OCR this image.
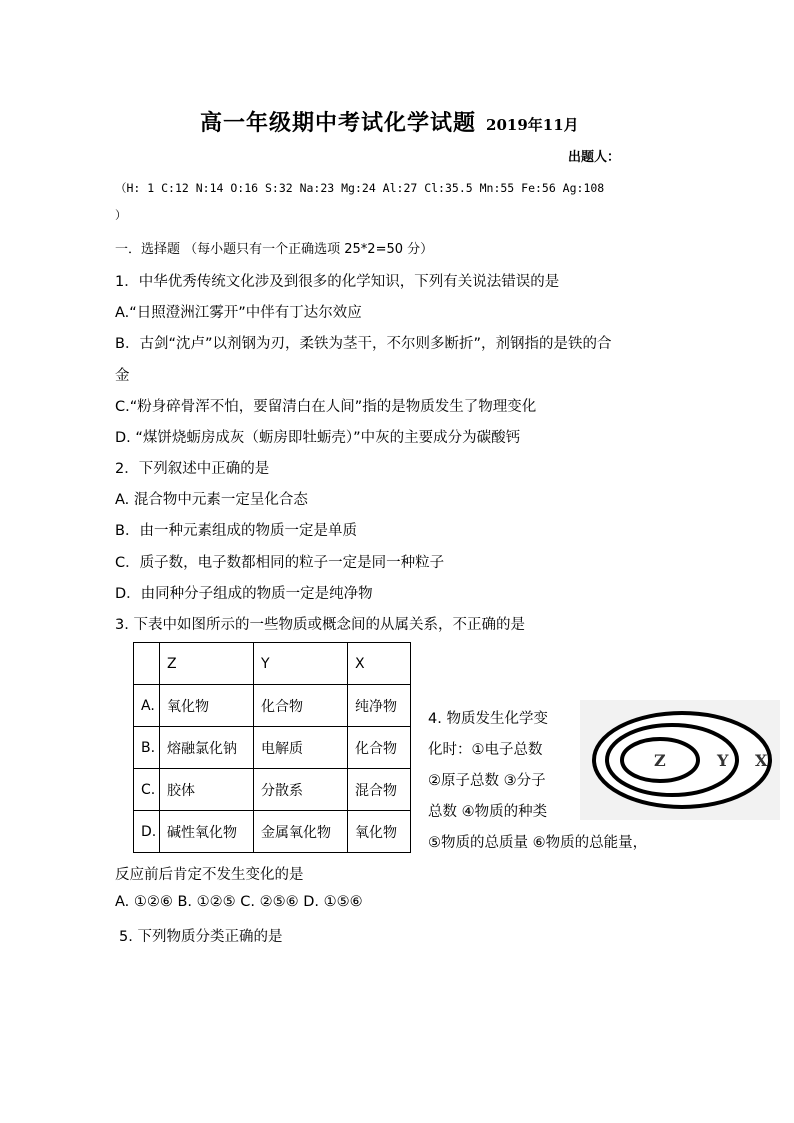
高一年级期中考试化学试题 2019年11月
出题人：
（H: 1 C:12 N:14 O:16 S:32 Na:23 Mg:24 Al:27 Cl:35.5 Mn:55 Fe:56 Ag:108
）
一．选择题 （每小题只有一个正确选项 25*2=50 分）
1．中华优秀传统文化涉及到很多的化学知识，下列有关说法错误的是
A.“日照澄洲江雾开”中伴有丁达尔效应
B．古剑“沈卢”以剂钢为刃，柔铁为茎干，不尔则多断折”，剂钢指的是铁的合
金
C.“粉身碎骨浑不怕，要留清白在人间”指的是物质发生了物理变化
D. “煤饼烧蛎房成灰（蛎房即牡蛎壳）”中灰的主要成分为碳酸钙
2．下列叙述中正确的是
A. 混合物中元素一定呈化合态
B．由一种元素组成的物质一定是单质
C．质子数，电子数都相同的粒子一定是同一种粒子
D．由同种分子组成的物质一定是纯净物
3. 下表中如图所示的一些物质或概念间的从属关系，不正确的是
	Z	Y	X
A.	氧化物	化合物	纯净物
B.	熔融氯化钠	电解质	化合物
C.	胶体	分散系	混合物
D.	碱性氧化物	金属氧化物	氧化物
4. 物质发生化学变
化时：①电子总数
②原子总数 ③分子
总数 ④物质的种类
⑤物质的总质量 ⑥物质的总能量，
Z	Y X
反应前后肯定不发生变化的是
A. ①②⑥ B. ①②⑤ C. ②⑤⑥ D. ①⑤⑥
5. 下列物质分类正确的是
